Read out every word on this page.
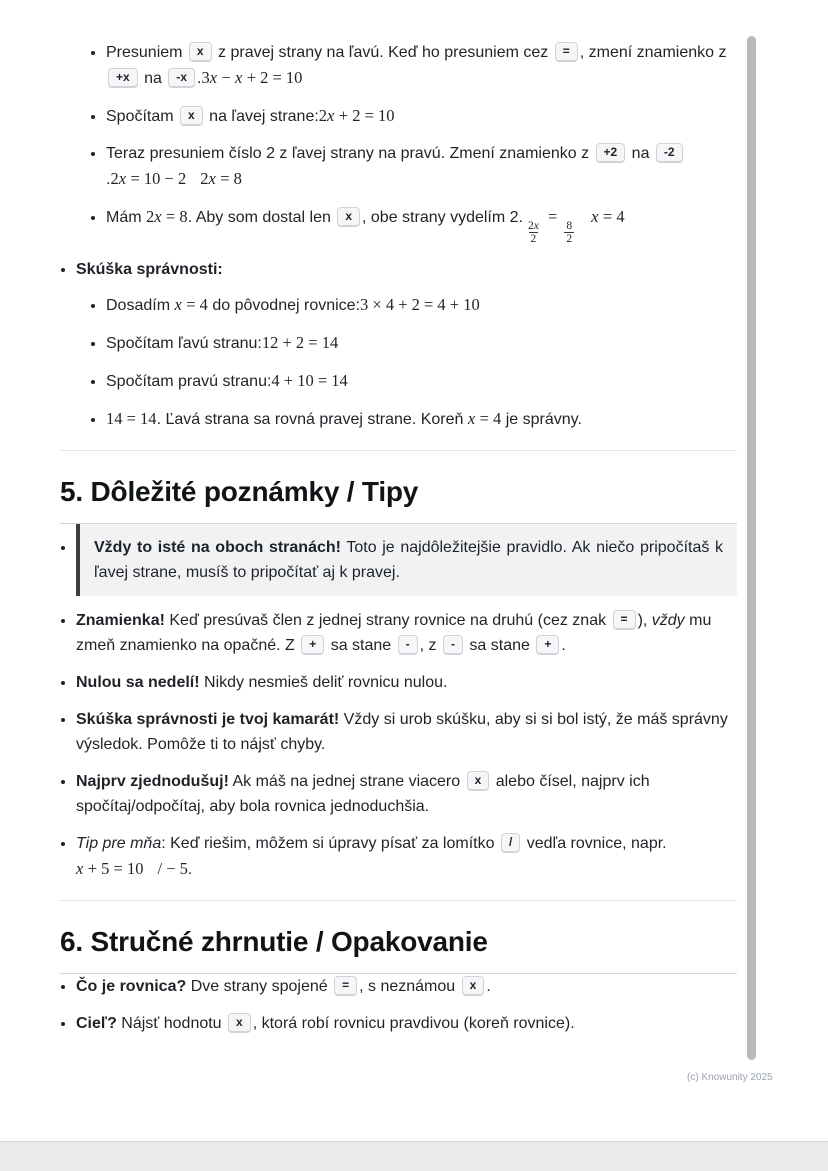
• Presuniem x z pravej strany na ľavú. Keď ho presuniem cez = , zmení znamienko z +x na -x .3x − x + 2 = 10
• Spočítam x na ľavej strane:2x + 2 = 10
• Teraz presuniem číslo 2 z ľavej strany na pravú. Zmení znamienko z +2 na -2.2x = 10 − 2 2x = 8
• Mám 2x = 8. Aby som dostal len x , obe strany vydelím 2.
$\frac{2x}{2}$
=
$\frac{8}{2}$
x = 4
• Skúška správnosti:
• Dosadím x = 4 do pôvodnej rovnice:3 × 4 + 2 = 4 + 10
• Spočítam ľavú stranu:12 + 2 = 14
• Spočítam pravú stranu:4 + 10 = 14
• 14 = 14. Ľavá strana sa rovná pravej strane. Koreň x = 4 je správny.
5. Dôležité poznámky / Tipy
• Vždy to isté na oboch stranách! Toto je najdôležitejšie pravidlo. Ak niečo pripočítaš k ľavej strane, musíš to pripočítať aj k pravej.
• Znamienka! Keď presúvaš člen z jednej strany rovnice na druhú (cez znak = ), vždy mu zmeň znamienko na opačné. Z + sa stane - , z - sa stane + .
• Nulou sa nedelí! Nikdy nesmieš deliť rovnicu nulou.
• Skúška správnosti je tvoj kamarát! Vždy si urob skúšku, aby si si bol istý, že máš správny výsledok. Pomôže ti to nájsť chyby.
• Najprv zjednodušuj! Ak máš na jednej strane viacero x alebo čísel, najprv ich spočítaj/odpočítaj, aby bola rovnica jednoduchšia.
• Tip pre mňa: Keď riešim, môžem si úpravy písať za lomítko / vedľa rovnice, napr. x + 5 = 10 / − 5.
6. Stručné zhrnutie / Opakovanie
• Čo je rovnica? Dve strany spojené = , s neznámou x .
• Cieľ? Nájsť hodnotu x , ktorá robí rovnicu pravdivou (koreň rovnice).
(c) Knowunity 2025
